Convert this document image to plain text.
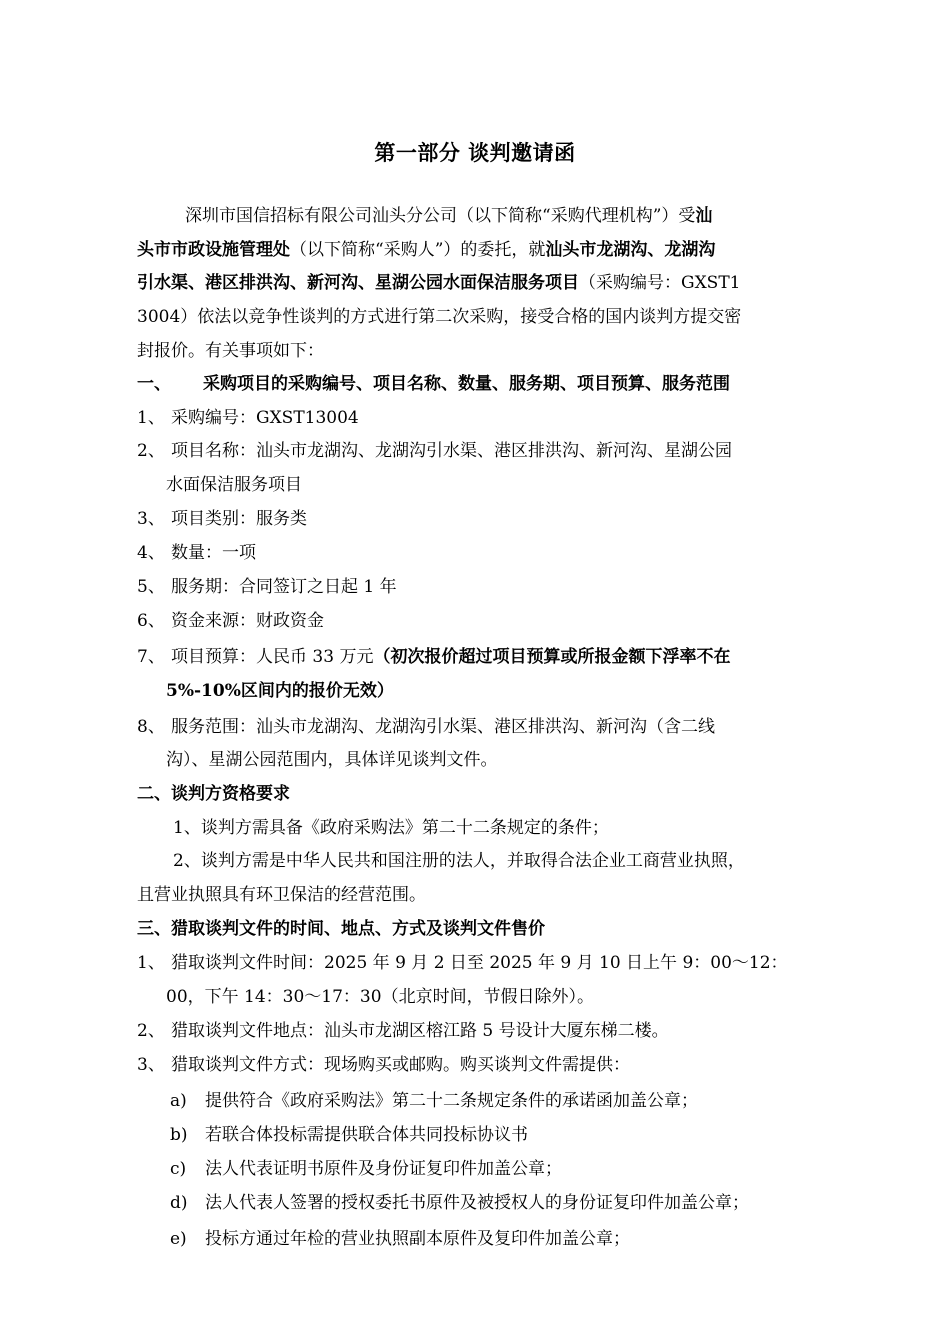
第一部分 谈判邀请函
深圳市国信招标有限公司汕头分公司（以下简称“采购代理机构”）受汕
头市市政设施管理处（以下简称“采购人”）的委托，就汕头市龙湖沟、龙湖沟
引水渠、港区排洪沟、新河沟、星湖公园水面保洁服务项目（采购编号：GXST1
3004）依法以竞争性谈判的方式进行第二次采购，接受合格的国内谈判方提交密
封报价。有关事项如下：
一、 采购项目的采购编号、项目名称、数量、服务期、项目预算、服务范围
1、 采购编号：GXST13004
2、 项目名称：汕头市龙湖沟、龙湖沟引水渠、港区排洪沟、新河沟、星湖公园
水面保洁服务项目
3、 项目类别：服务类
4、 数量：一项
5、 服务期：合同签订之日起 1 年
6、 资金来源：财政资金
7、 项目预算：人民币 33 万元（初次报价超过项目预算或所报金额下浮率不在
5%-10%区间内的报价无效）
8、 服务范围：汕头市龙湖沟、龙湖沟引水渠、港区排洪沟、新河沟（含二线
沟）、星湖公园范围内，具体详见谈判文件。
二、谈判方资格要求
1、谈判方需具备《政府采购法》第二十二条规定的条件；
2、谈判方需是中华人民共和国注册的法人，并取得合法企业工商营业执照，
且营业执照具有环卫保洁的经营范围。
三、猎取谈判文件的时间、地点、方式及谈判文件售价
1、 猎取谈判文件时间：2025 年 9 月 2 日至 2025 年 9 月 10 日上午 9：00～12：
00，下午 14：30～17：30（北京时间，节假日除外）。
2、 猎取谈判文件地点：汕头市龙湖区榕江路 5 号设计大厦东梯二楼。
3、 猎取谈判文件方式：现场购买或邮购。购买谈判文件需提供：
a) 提供符合《政府采购法》第二十二条规定条件的承诺函加盖公章；
b) 若联合体投标需提供联合体共同投标协议书
c) 法人代表证明书原件及身份证复印件加盖公章；
d) 法人代表人签署的授权委托书原件及被授权人的身份证复印件加盖公章；
e) 投标方通过年检的营业执照副本原件及复印件加盖公章；
